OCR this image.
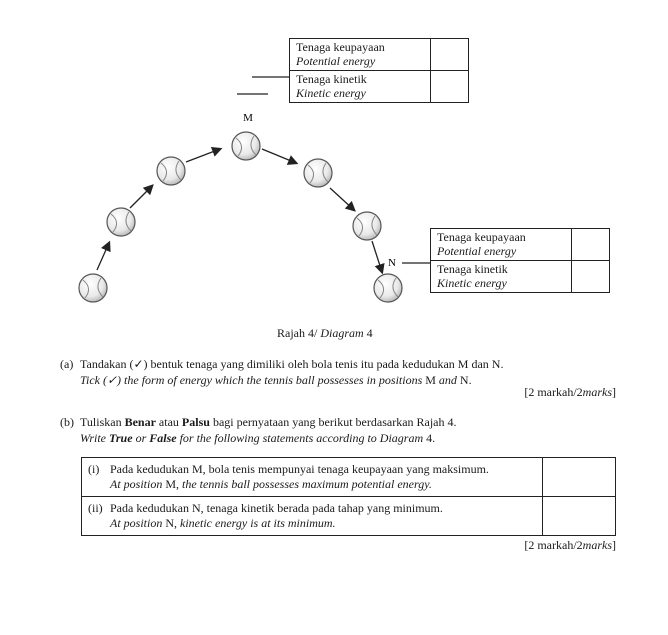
M
N
Tenaga keupayaan
Potential energy	

Tenaga kinetik
Kinetic energy	

Tenaga keupayaan
Potential energy	

Tenaga kinetik
Kinetic energy	

Rajah 4/ Diagram 4
(a) Tandakan (✓) bentuk tenaga yang dimiliki oleh bola tenis itu pada kedudukan M dan N.
Tick (✓) the form of energy which the tennis ball possesses in positions M and N.
[2 markah/2marks]
(b) Tuliskan Benar atau Palsu bagi pernyataan yang berikut berdasarkan Rajah 4.
Write True or False for the following statements according to Diagram 4.
(i) Pada kedudukan M, bola tenis mempunyai tenaga keupayaan yang maksimum.
At position M, the tennis ball possesses maximum potential energy.	

(ii) Pada kedudukan N, tenaga kinetik berada pada tahap yang minimum.
At position N, kinetic energy is at its minimum.	

[2 markah/2marks]
